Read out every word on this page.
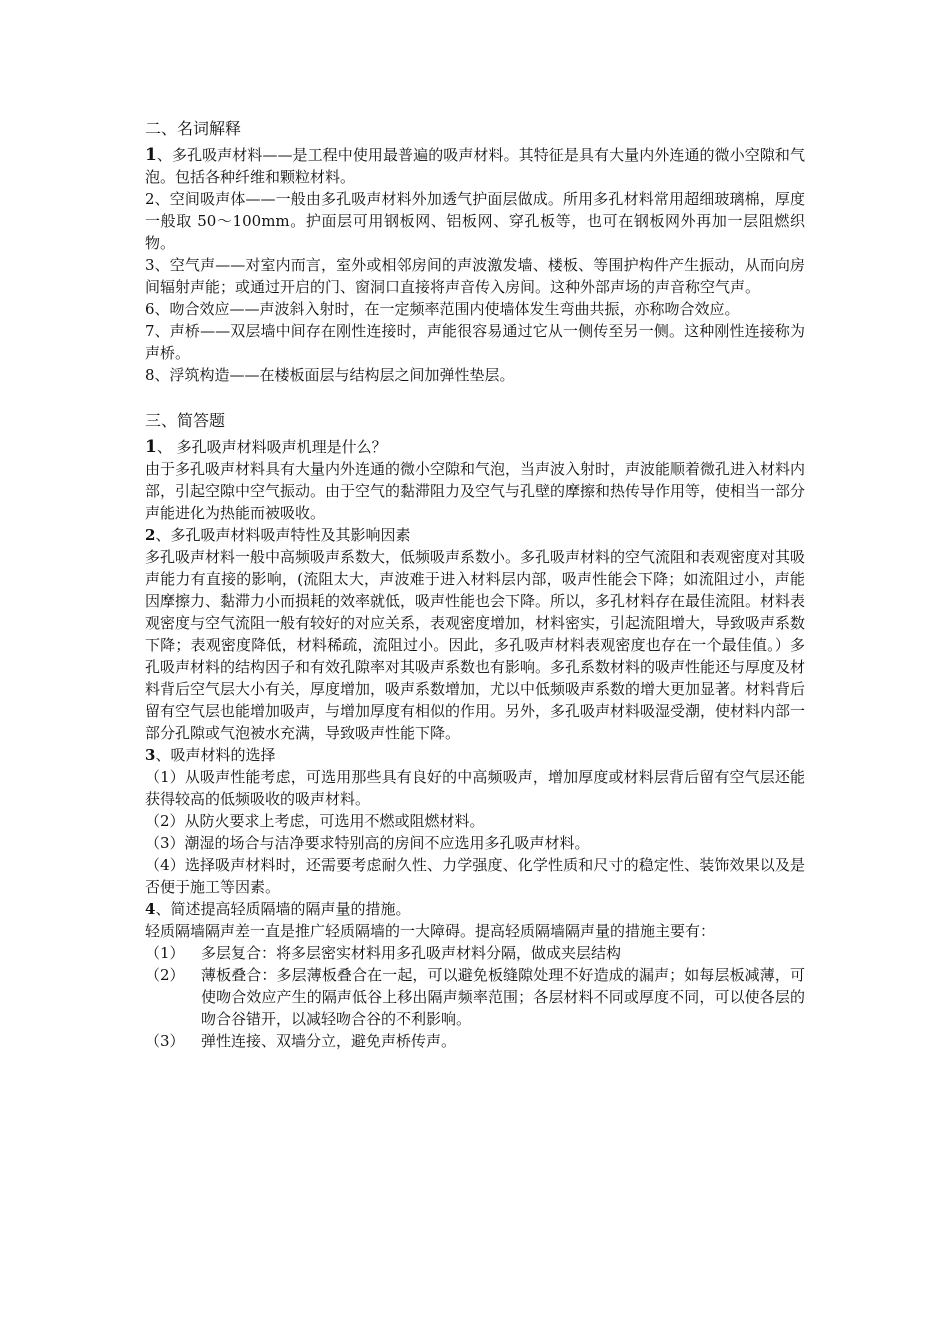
二、名词解释

1、多孔吸声材料——是工程中使用最普遍的吸声材料。其特征是具有大量内外连通的微小空隙和气泡。包括各种纤维和颗粒材料。

2、空间吸声体——一般由多孔吸声材料外加透气护面层做成。所用多孔材料常用超细玻璃棉，厚度一般取 50～100mm。护面层可用钢板网、铝板网、穿孔板等，也可在钢板网外再加一层阻燃织物。

3、空气声——对室内而言，室外或相邻房间的声波激发墙、楼板、等围护构件产生振动，从而向房间辐射声能；或通过开启的门、窗洞口直接将声音传入房间。这种外部声场的声音称空气声。

6、吻合效应——声波斜入射时，在一定频率范围内使墙体发生弯曲共振，亦称吻合效应。

7、声桥——双层墙中间存在刚性连接时，声能很容易通过它从一侧传至另一侧。这种刚性连接称为声桥。

8、浮筑构造——在楼板面层与结构层之间加弹性垫层。

三、简答题

1、 多孔吸声材料吸声机理是什么？

由于多孔吸声材料具有大量内外连通的微小空隙和气泡，当声波入射时，声波能顺着微孔进入材料内部，引起空隙中空气振动。由于空气的黏滞阻力及空气与孔壁的摩擦和热传导作用等，使相当一部分声能进化为热能而被吸收。

2、多孔吸声材料吸声特性及其影响因素

多孔吸声材料一般中高频吸声系数大，低频吸声系数小。多孔吸声材料的空气流阻和表观密度对其吸声能力有直接的影响，(流阻太大，声波难于进入材料层内部，吸声性能会下降；如流阻过小，声能因摩擦力、黏滞力小而损耗的效率就低，吸声性能也会下降。所以，多孔材料存在最佳流阻。材料表观密度与空气流阻一般有较好的对应关系，表观密度增加，材料密实，引起流阻增大，导致吸声系数下降；表观密度降低，材料稀疏，流阻过小。因此，多孔吸声材料表观密度也存在一个最佳值。）多孔吸声材料的结构因子和有效孔隙率对其吸声系数也有影响。多孔系数材料的吸声性能还与厚度及材料背后空气层大小有关，厚度增加，吸声系数增加，尤以中低频吸声系数的增大更加显著。材料背后留有空气层也能增加吸声，与增加厚度有相似的作用。另外，多孔吸声材料吸湿受潮，使材料内部一部分孔隙或气泡被水充满，导致吸声性能下降。

3、吸声材料的选择

（1）从吸声性能考虑，可选用那些具有良好的中高频吸声，增加厚度或材料层背后留有空气层还能获得较高的低频吸收的吸声材料。

（2）从防火要求上考虑，可选用不燃或阻燃材料。

（3）潮湿的场合与洁净要求特别高的房间不应选用多孔吸声材料。

（4）选择吸声材料时，还需要考虑耐久性、力学强度、化学性质和尺寸的稳定性、装饰效果以及是否便于施工等因素。

4、简述提高轻质隔墙的隔声量的措施。

轻质隔墙隔声差一直是推广轻质隔墙的一大障碍。提高轻质隔墙隔声量的措施主要有：

（1）	多层复合：将多层密实材料用多孔吸声材料分隔，做成夹层结构
（2）	薄板叠合：多层薄板叠合在一起，可以避免板缝隙处理不好造成的漏声；如每层板减薄，可使吻合效应产生的隔声低谷上移出隔声频率范围；各层材料不同或厚度不同，可以使各层的吻合谷错开，以减轻吻合谷的不利影响。
（3）	弹性连接、双墙分立，避免声桥传声。
